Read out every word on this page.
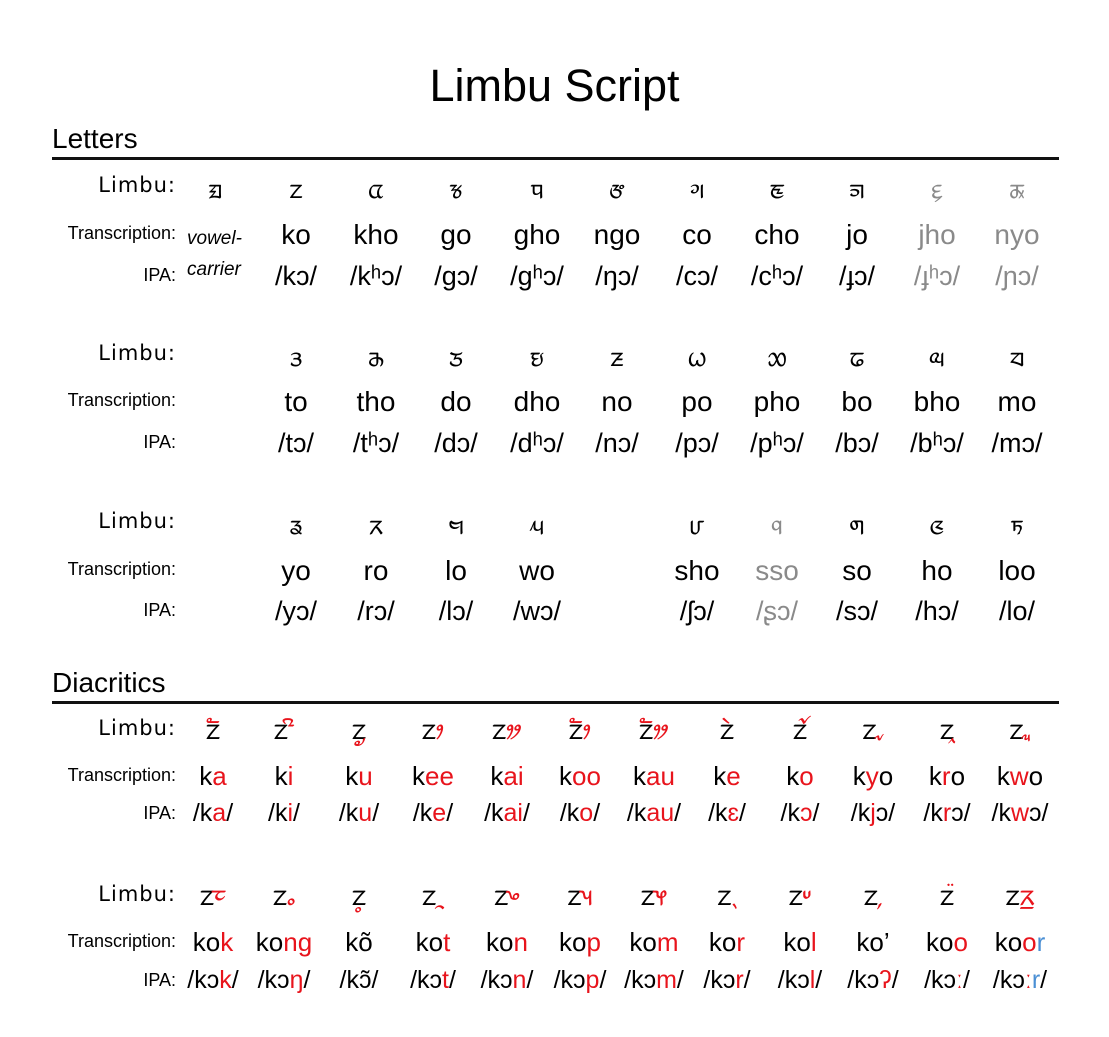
Limbu Script
Letters
Limbu:
Transcription:
IPA:
ᤀ ᤁ
ko
/kɔ/
ᤂ
kho
/kʰɔ/
ᤃ
go
/gɔ/
ᤄ
gho
/gʰɔ/
ᤅ
ngo
/ŋɔ/
ᤆ
co
/cɔ/
ᤇ
cho
/cʰɔ/
ᤈ
jo
/ɟɔ/
ᤉ
jho
/ɟʰɔ/
ᤊ
nyo
/ɲɔ/
Limbu:
Transcription:
IPA:
ᤋ
to
/tɔ/
ᤌ
tho
/tʰɔ/
ᤍ
do
/dɔ/
ᤎ
dho
/dʰɔ/
ᤏ
no
/nɔ/
ᤐ
po
/pɔ/
ᤑ
pho
/pʰɔ/
ᤒ
bo
/bɔ/
ᤓ
bho
/bʰɔ/
ᤔ
mo
/mɔ/
Limbu:
Transcription:
IPA:
ᤕ
yo
/yɔ/
ᤖ
ro
/rɔ/
ᤗ
lo
/lɔ/
ᤘ
wo
/wɔ/
ᤙ
sho
/ʃɔ/
ᤚ
sso
/ʂɔ/
ᤛ
so
/sɔ/
ᤜ
ho
/hɔ/
ᤝ
loo
/lo/
vowel-
carrier
Diacritics
Limbu:
Transcription:
IPA:
ᤁ
ka
/ka/
ᤁᤡ
ki
/ki/
ᤁ
ku
/ku/
ᤁᤣ
kee
/ke/
ᤁᤤ
kai
/kai/
ᤁᤥ
koo
/ko/
ᤁᤦ
kau
/kau/
ᤁ
ke
/kɛ/
ᤁ
ko
/kɔ/
ᤁᤩ
kyo
/kjɔ/
ᤁ
kro
/krɔ/
ᤁᤫ
kwo
/kwɔ/
Limbu:
Transcription:
IPA:
ᤁᤰ
kok
/kɔk/
ᤁᤱ
kong
/kɔŋ/
ᤁ
kõ
/kɔ̃/
ᤁᤳ
kot
/kɔt/
ᤁᤴ
kon
/kɔn/
ᤁᤵ
kop
/kɔp/
ᤁᤶ
kom
/kɔm/
ᤁᤷ
kor
/kɔr/
ᤁᤸ
kol
/kɔl/
ᤁ᤹
ko’
/kɔʔ/
ᤁ
koo
/kɔː/
ᤁᤖ᤻
koor
/kɔːr/
